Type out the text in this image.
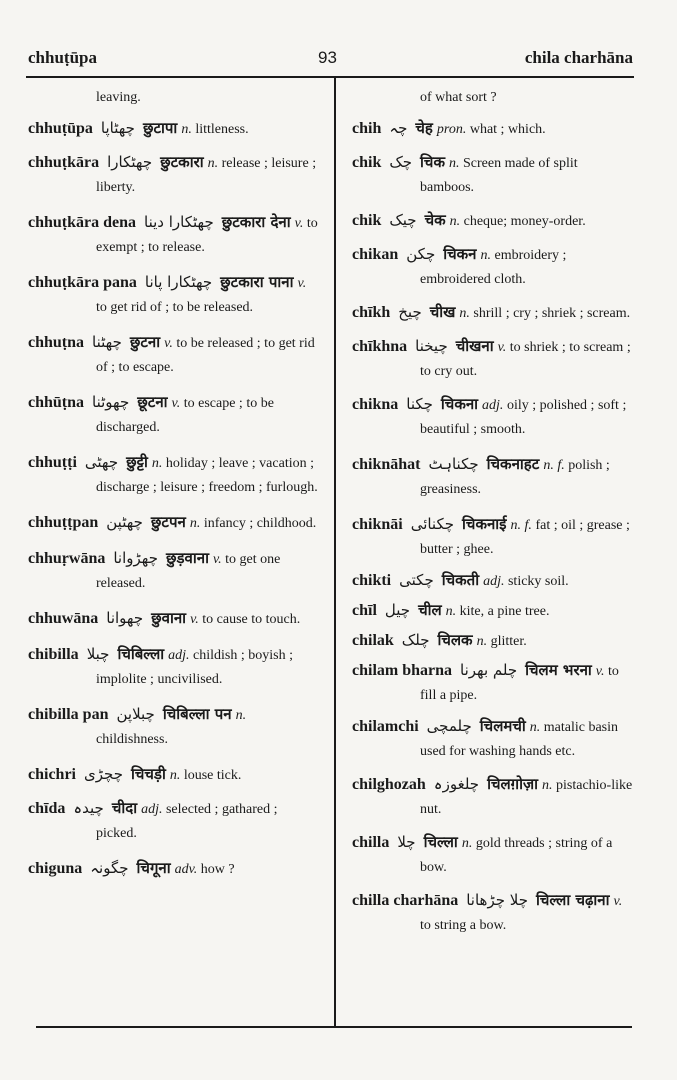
chhuṭūpa	93	chila charhāna
leaving.
chhuṭūpa چھٹاپا छुटापा n. littleness.
chhuṭkāra چھٹکارا छुटकारा n. release ; leisure ; liberty.
chhuṭkāra dena چھٹکارا دینا छुटकारा देना v. to exempt ; to release.
chhuṭkāra pana چھٹکارا پانا छुटकारा पाना v. to get rid of ; to be released.
chhuṭna چھٹنا छुटना v. to be released ; to get rid of ; to escape.
chhūṭna چھوٹنا छूटना v. to escape ; to be discharged.
chhuṭṭi چھٹی छुट्टी n. holiday ; leave ; vacation ; discharge ; leisure ; freedom ; furlough.
chhuṭṭpan چھٹپن छुटपन n. infancy ; childhood.
chhuṛwāna چھڑوانا छुड़वाना v. to get one released.
chhuwāna چھوانا छुवाना v. to cause to touch.
chibilla چبلا चिबिल्ला adj. childish ; boyish ; implolite ; uncivilised.
chibilla pan چبلاپن चिबिल्ला पन n. childishness.
chichri چچڑی चिचड़ी n. louse tick.
chīda چیدہ चीदा adj. selected ; gathared ; picked.
chiguna چگونہ चिगूना adv. how ?
of what sort ?
chih چہ चेह pron. what ; which.
chik چک चिक n. Screen made of split bamboos.
chik چیک चेक n. cheque; money-order.
chikan چکن चिकन n. embroidery ; embroidered cloth.
chīkh چیخ चीख n. shrill ; cry ; shriek ; scream.
chīkhna چیخنا चीखना v. to shriek ; to scream ; to cry out.
chikna چکنا चिकना adj. oily ; polished ; soft ; beautiful ; smooth.
chiknāhat چکناہٹ चिकनाहट n. f. polish ; greasiness.
chiknāi چکنائی चिकनाई n. f. fat ; oil ; grease ; butter ; ghee.
chikti چکتی चिकती adj. sticky soil.
chīl چیل चील n. kite, a pine tree.
chilak چلک चिलक n. glitter.
chilam bharna چلم بھرنا चिलम भरना v. to fill a pipe.
chilamchi چلمچی चिलमची n. matalic basin used for washing hands etc.
chilghozah چلغوزہ चिलग़ोज़ा n. pistachio-like nut.
chilla چلا चिल्ला n. gold threads ; string of a bow.
chilla charhāna چلا چڑھانا चिल्ला चढ़ाना v. to string a bow.
